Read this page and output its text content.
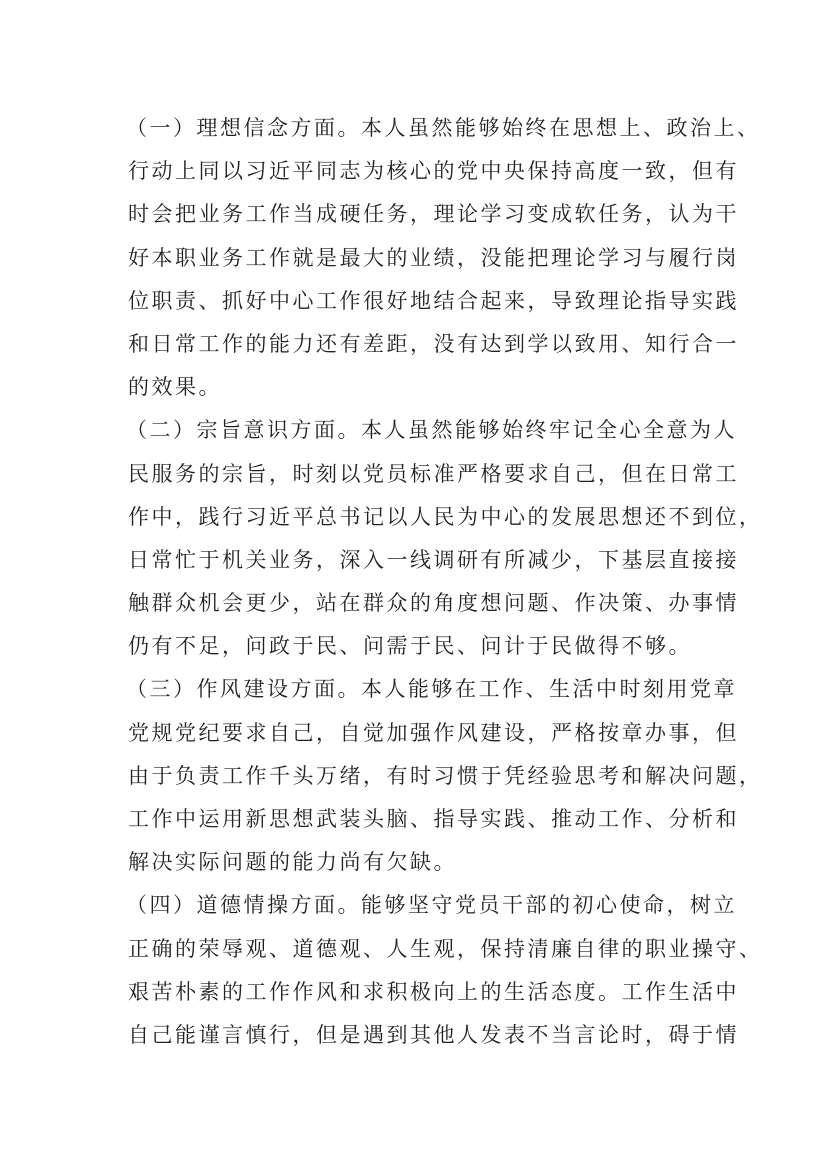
（一）理想信念方面。本人虽然能够始终在思想上、政治上、
行动上同以习近平同志为核心的党中央保持高度一致，但有
时会把业务工作当成硬任务，理论学习变成软任务，认为干
好本职业务工作就是最大的业绩，没能把理论学习与履行岗
位职责、抓好中心工作很好地结合起来，导致理论指导实践
和日常工作的能力还有差距，没有达到学以致用、知行合一
的效果。
（二）宗旨意识方面。本人虽然能够始终牢记全心全意为人
民服务的宗旨，时刻以党员标准严格要求自己，但在日常工
作中，践行习近平总书记以人民为中心的发展思想还不到位，
日常忙于机关业务，深入一线调研有所减少，下基层直接接
触群众机会更少，站在群众的角度想问题、作决策、办事情
仍有不足，问政于民、问需于民、问计于民做得不够。
（三）作风建设方面。本人能够在工作、生活中时刻用党章
党规党纪要求自己，自觉加强作风建设，严格按章办事，但
由于负责工作千头万绪，有时习惯于凭经验思考和解决问题，
工作中运用新思想武装头脑、指导实践、推动工作、分析和
解决实际问题的能力尚有欠缺。
（四）道德情操方面。能够坚守党员干部的初心使命，树立
正确的荣辱观、道德观、人生观，保持清廉自律的职业操守、
艰苦朴素的工作作风和求积极向上的生活态度。工作生活中
自己能谨言慎行，但是遇到其他人发表不当言论时，碍于情
